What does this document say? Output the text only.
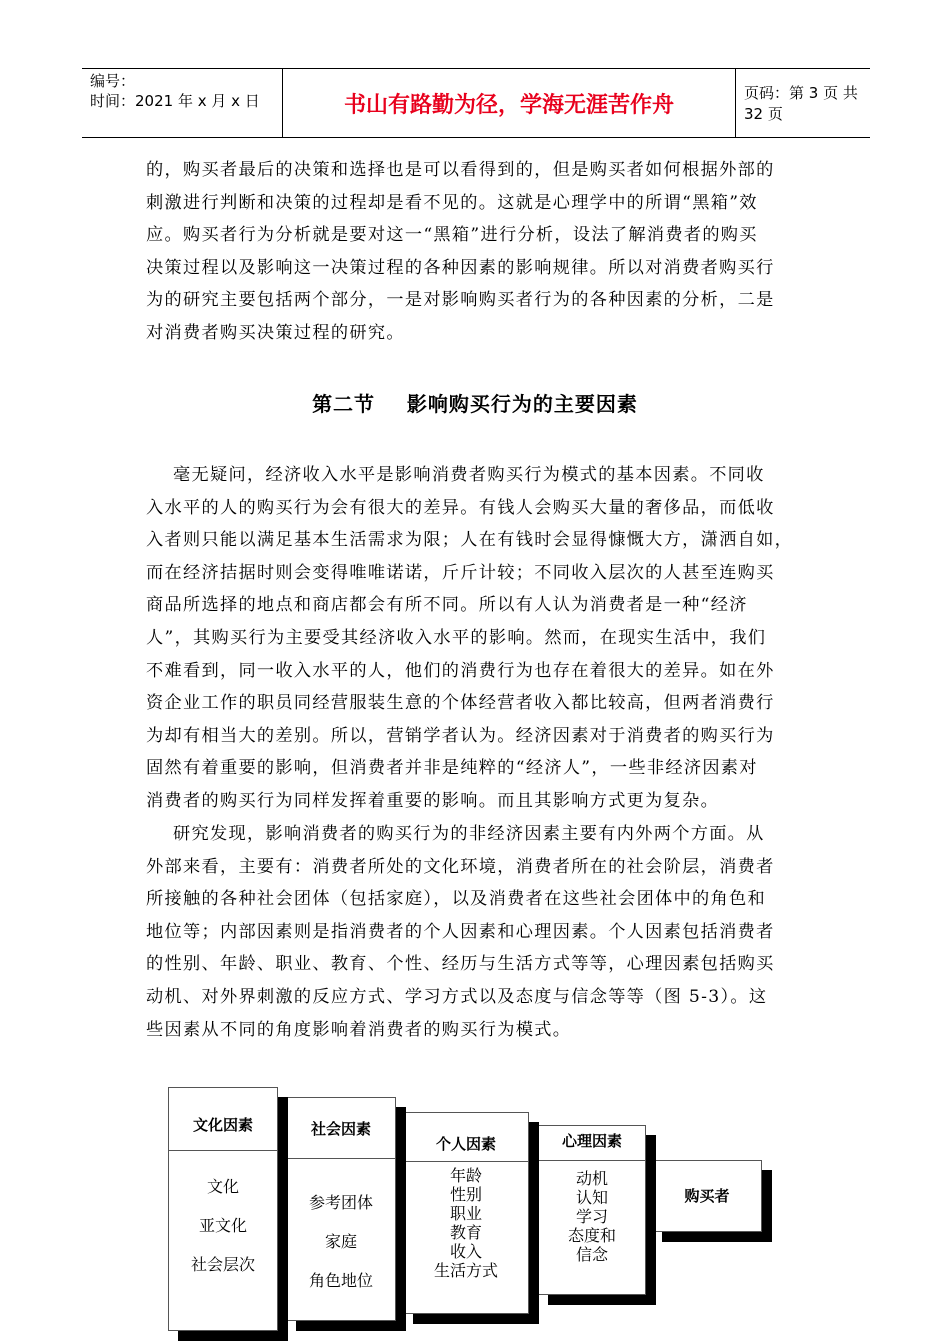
编号：
时间：2021 年 x 月 x 日	书山有路勤为径，学海无涯苦作舟	页码：第 3 页 共 32 页

的，购买者最后的决策和选择也是可以看得到的，但是购买者如何根据外部的
刺激进行判断和决策的过程却是看不见的。这就是心理学中的所谓“黑箱”效
应。购买者行为分析就是要对这一“黑箱”进行分析，设法了解消费者的购买
决策过程以及影响这一决策过程的各种因素的影响规律。所以对消费者购买行
为的研究主要包括两个部分，一是对影响购买者行为的各种因素的分析，二是
对消费者购买决策过程的研究。

第二节    影响购买行为的主要因素

毫无疑问，经济收入水平是影响消费者购买行为模式的基本因素。不同收
入水平的人的购买行为会有很大的差异。有钱人会购买大量的奢侈品，而低收
入者则只能以满足基本生活需求为限；人在有钱时会显得慷慨大方，潇洒自如，
而在经济拮据时则会变得唯唯诺诺，斤斤计较；不同收入层次的人甚至连购买
商品所选择的地点和商店都会有所不同。所以有人认为消费者是一种“经济
人”，其购买行为主要受其经济收入水平的影响。然而，在现实生活中，我们
不难看到，同一收入水平的人，他们的消费行为也存在着很大的差异。如在外
资企业工作的职员同经营服装生意的个体经营者收入都比较高，但两者消费行
为却有相当大的差别。所以，营销学者认为。经济因素对于消费者的购买行为
固然有着重要的影响，但消费者并非是纯粹的“经济人”，一些非经济因素对
消费者的购买行为同样发挥着重要的影响。而且其影响方式更为复杂。

研究发现，影响消费者的购买行为的非经济因素主要有内外两个方面。从
外部来看，主要有：消费者所处的文化环境，消费者所在的社会阶层，消费者
所接触的各种社会团体（包括家庭），以及消费者在这些社会团体中的角色和
地位等；内部因素则是指消费者的个人因素和心理因素。个人因素包括消费者
的性别、年龄、职业、教育、个性、经历与生活方式等等，心理因素包括购买
动机、对外界刺激的反应方式、学习方式以及态度与信念等等（图 5-3）。这
些因素从不同的角度影响着消费者的购买行为模式。

购买者
心理因素
动机
认知
学习
态度和
信念
个人因素
年龄
性别
职业
教育
收入
生活方式
社会因素
参考团体
家庭
角色地位
文化因素
文化
亚文化
社会层次
